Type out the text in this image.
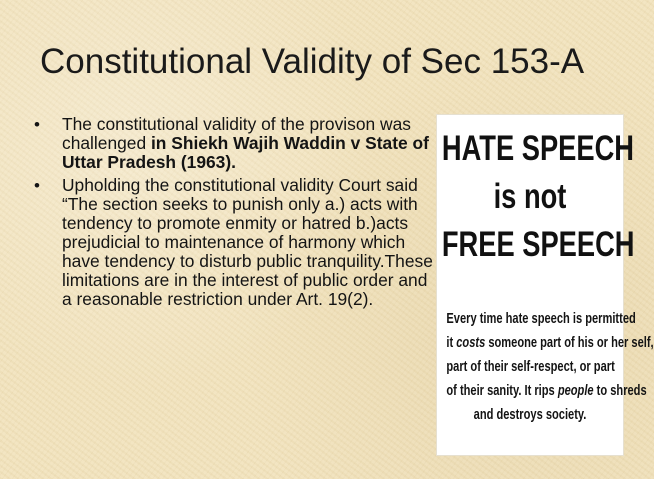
Constitutional Validity of Sec 153-A
• The constitutional validity of the provison was challenged in Shiekh Wajih Waddin v State of Uttar Pradesh (1963).
• Upholding the constitutional validity Court said “The section seeks to punish only a.) acts with tendency to promote enmity or hatred b.)acts prejudicial to maintenance of harmony which have tendency to disturb public tranquility.These limitations are in the interest of public order and a reasonable restriction under Art. 19(2).
HATE SPEECH
is not
FREE SPEECH
Every time hate speech is permitted
it costs someone part of his or her self,
part of their self-respect, or part
of their sanity. It rips people to shreds
and destroys society.
